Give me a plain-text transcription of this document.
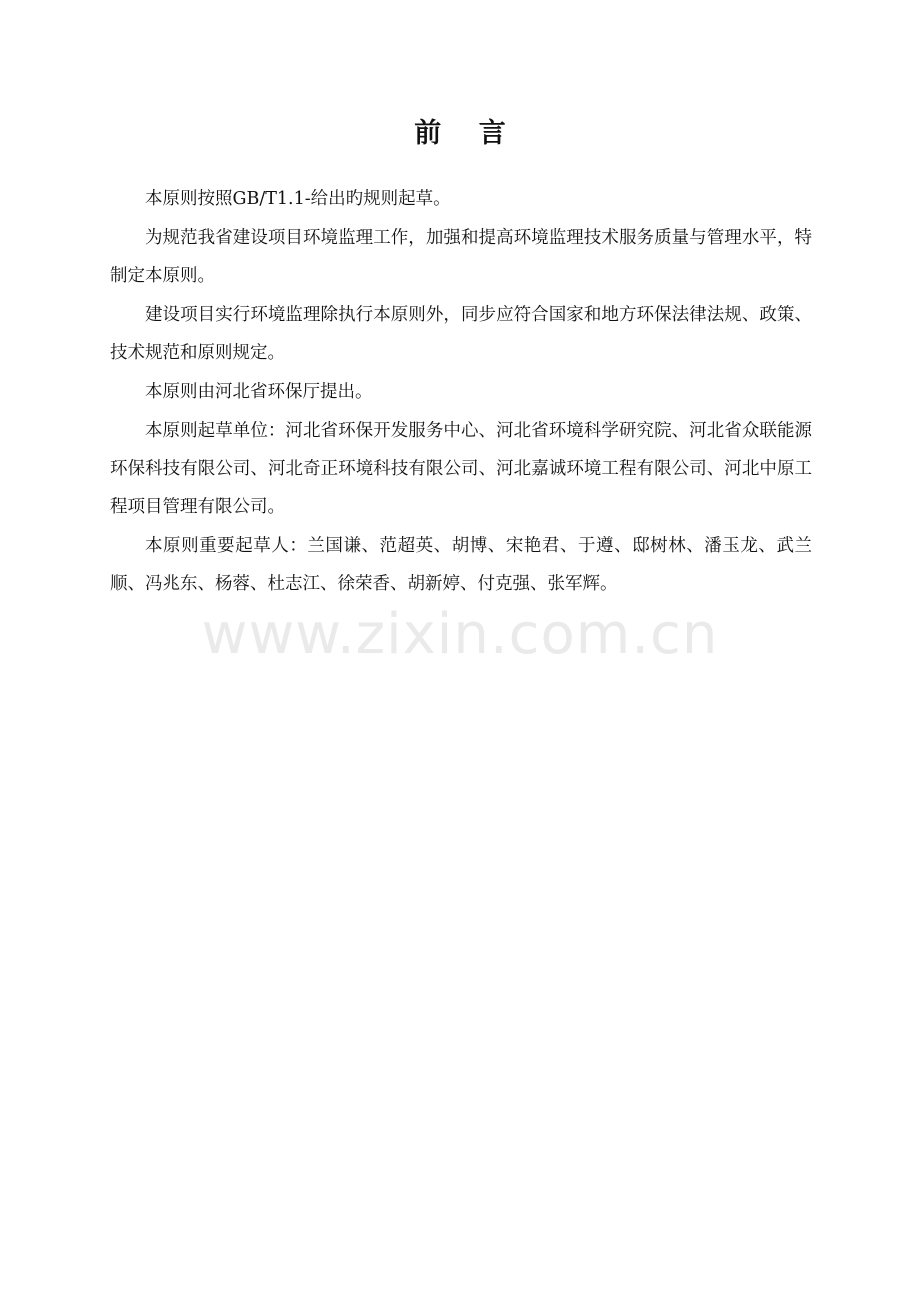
前 言

本原则按照GB/T1.1-给出旳规则起草。

为规范我省建设项目环境监理工作，加强和提高环境监理技术服务质量与管理水平，特制定本原则。

建设项目实行环境监理除执行本原则外，同步应符合国家和地方环保法律法规、政策、技术规范和原则规定。

本原则由河北省环保厅提出。

本原则起草单位：河北省环保开发服务中心、河北省环境科学研究院、河北省众联能源环保科技有限公司、河北奇正环境科技有限公司、河北嘉诚环境工程有限公司、河北中原工程项目管理有限公司。

本原则重要起草人：兰国谦、范超英、胡博、宋艳君、于遵、邸树林、潘玉龙、武兰顺、冯兆东、杨蓉、杜志江、徐荣香、胡新婷、付克强、张军辉。

www.zixin.com.cn
